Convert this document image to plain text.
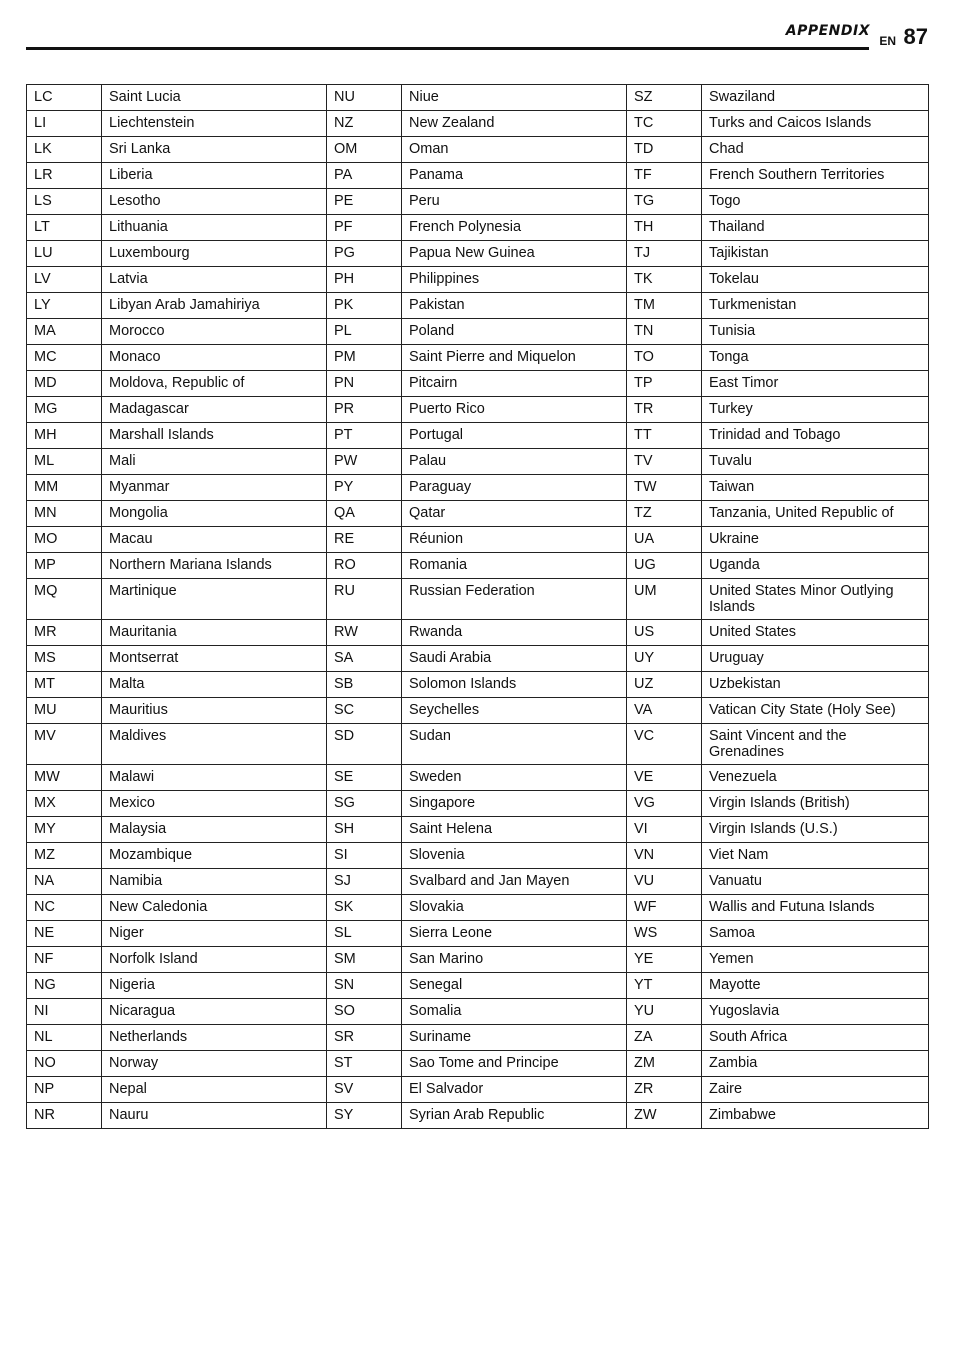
APPENDIX
EN 87
LC	Saint Lucia	NU	Niue	SZ	Swaziland
LI	Liechtenstein	NZ	New Zealand	TC	Turks and Caicos Islands
LK	Sri Lanka	OM	Oman	TD	Chad
LR	Liberia	PA	Panama	TF	French Southern Territories
LS	Lesotho	PE	Peru	TG	Togo
LT	Lithuania	PF	French Polynesia	TH	Thailand
LU	Luxembourg	PG	Papua New Guinea	TJ	Tajikistan
LV	Latvia	PH	Philippines	TK	Tokelau
LY	Libyan Arab Jamahiriya	PK	Pakistan	TM	Turkmenistan
MA	Morocco	PL	Poland	TN	Tunisia
MC	Monaco	PM	Saint Pierre and Miquelon	TO	Tonga
MD	Moldova, Republic of	PN	Pitcairn	TP	East Timor
MG	Madagascar	PR	Puerto Rico	TR	Turkey
MH	Marshall Islands	PT	Portugal	TT	Trinidad and Tobago
ML	Mali	PW	Palau	TV	Tuvalu
MM	Myanmar	PY	Paraguay	TW	Taiwan
MN	Mongolia	QA	Qatar	TZ	Tanzania, United Republic of
MO	Macau	RE	Réunion	UA	Ukraine
MP	Northern Mariana Islands	RO	Romania	UG	Uganda
MQ	Martinique	RU	Russian Federation	UM	United States Minor Outlying Islands
MR	Mauritania	RW	Rwanda	US	United States
MS	Montserrat	SA	Saudi Arabia	UY	Uruguay
MT	Malta	SB	Solomon Islands	UZ	Uzbekistan
MU	Mauritius	SC	Seychelles	VA	Vatican City State (Holy See)
MV	Maldives	SD	Sudan	VC	Saint Vincent and the Grenadines
MW	Malawi	SE	Sweden	VE	Venezuela
MX	Mexico	SG	Singapore	VG	Virgin Islands (British)
MY	Malaysia	SH	Saint Helena	VI	Virgin Islands (U.S.)
MZ	Mozambique	SI	Slovenia	VN	Viet Nam
NA	Namibia	SJ	Svalbard and Jan Mayen	VU	Vanuatu
NC	New Caledonia	SK	Slovakia	WF	Wallis and Futuna Islands
NE	Niger	SL	Sierra Leone	WS	Samoa
NF	Norfolk Island	SM	San Marino	YE	Yemen
NG	Nigeria	SN	Senegal	YT	Mayotte
NI	Nicaragua	SO	Somalia	YU	Yugoslavia
NL	Netherlands	SR	Suriname	ZA	South Africa
NO	Norway	ST	Sao Tome and Principe	ZM	Zambia
NP	Nepal	SV	El Salvador	ZR	Zaire
NR	Nauru	SY	Syrian Arab Republic	ZW	Zimbabwe
